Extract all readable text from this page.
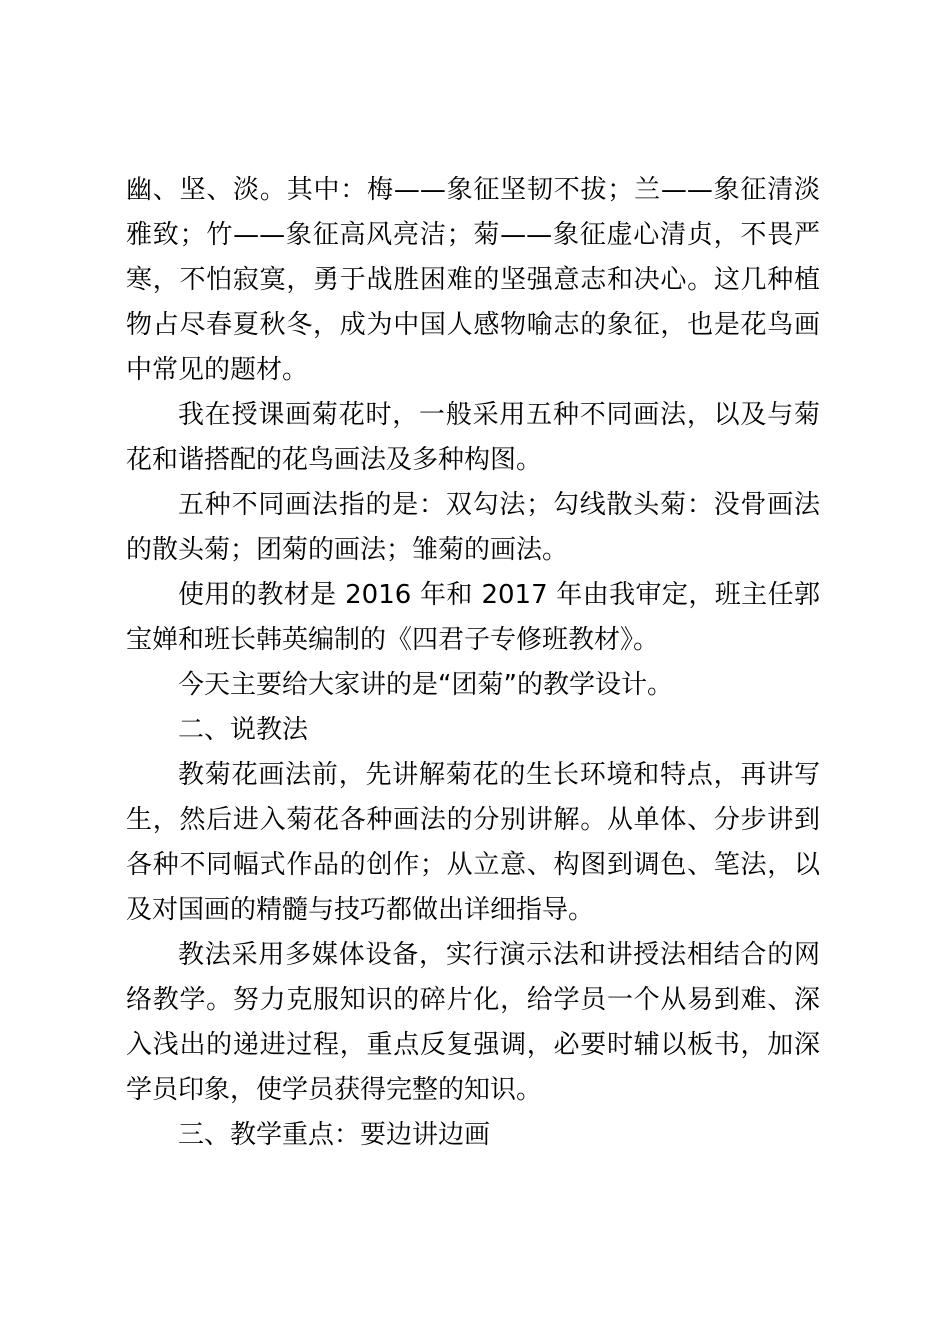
幽、坚、淡。其中：梅——象征坚韧不拔；兰——象征清淡雅致；竹——象征高风亮洁；菊——象征虚心清贞，不畏严寒，不怕寂寞，勇于战胜困难的坚强意志和决心。这几种植物占尽春夏秋冬，成为中国人感物喻志的象征，也是花鸟画中常见的题材。

我在授课画菊花时，一般采用五种不同画法，以及与菊花和谐搭配的花鸟画法及多种构图。

五种不同画法指的是：双勾法；勾线散头菊：没骨画法的散头菊；团菊的画法；雏菊的画法。

使用的教材是 2016 年和 2017 年由我审定，班主任郭宝婵和班长韩英编制的《四君子专修班教材》。

今天主要给大家讲的是“团菊”的教学设计。

二、说教法

教菊花画法前，先讲解菊花的生长环境和特点，再讲写生，然后进入菊花各种画法的分别讲解。从单体、分步讲到各种不同幅式作品的创作；从立意、构图到调色、笔法，以及对国画的精髓与技巧都做出详细指导。

教法采用多媒体设备，实行演示法和讲授法相结合的网络教学。努力克服知识的碎片化，给学员一个从易到难、深入浅出的递进过程，重点反复强调，必要时辅以板书，加深学员印象，使学员获得完整的知识。

三、教学重点：要边讲边画
